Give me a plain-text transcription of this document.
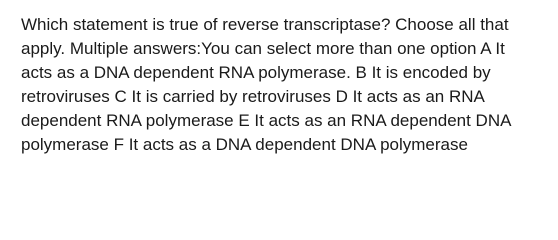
Which statement is true of reverse transcriptase? Choose all that
apply. Multiple answers:You can select more than one option A It
acts as a DNA dependent RNA polymerase. B It is encoded by
retroviruses C It is carried by retroviruses D It acts as an RNA
dependent RNA polymerase E It acts as an RNA dependent DNA
polymerase F It acts as a DNA dependent DNA polymerase
